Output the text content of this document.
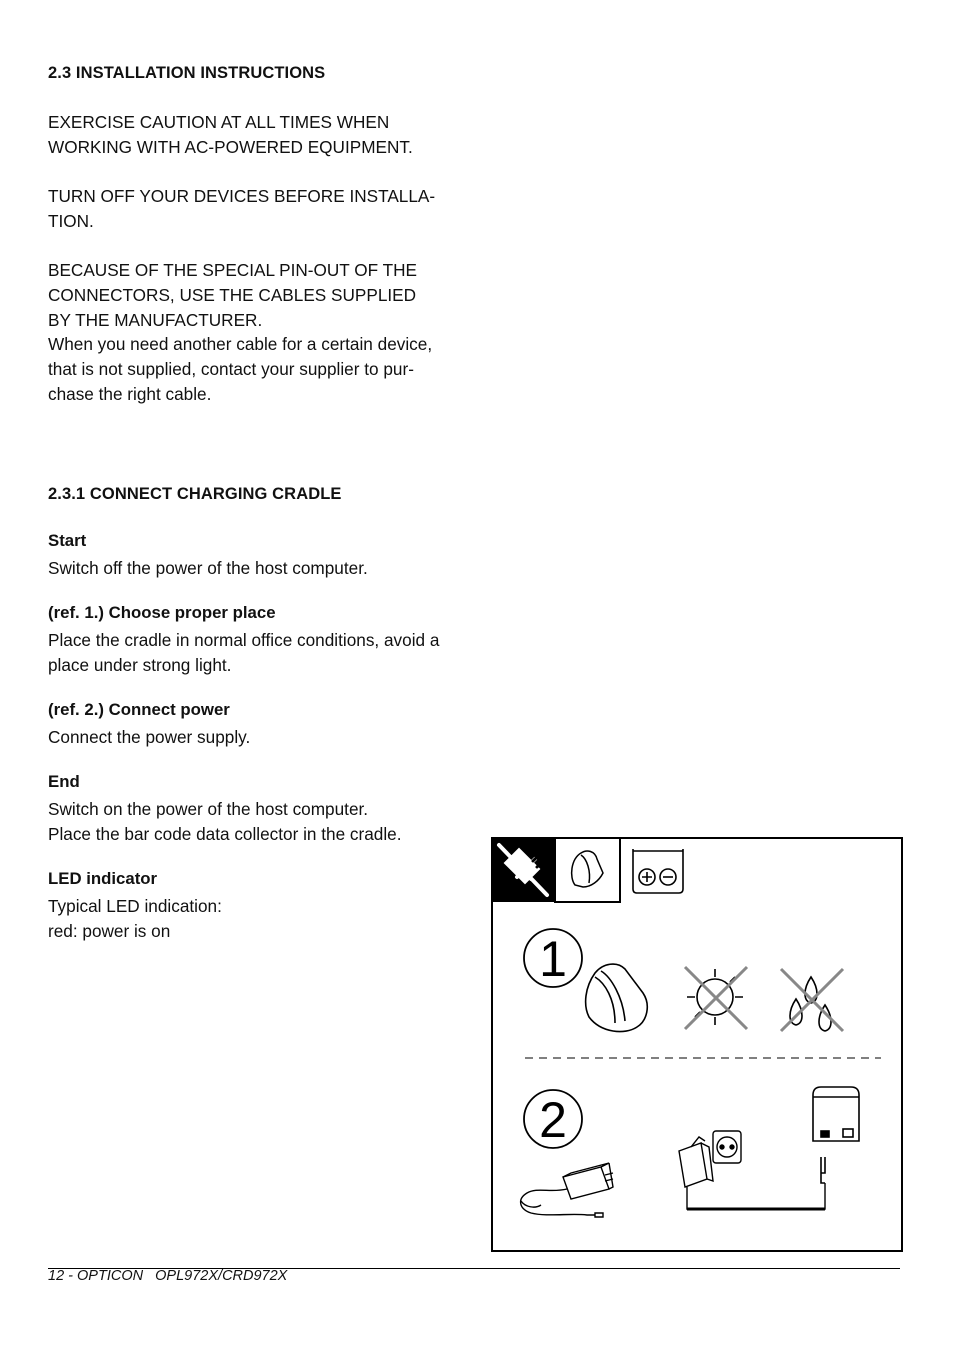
2.3 INSTALLATION INSTRUCTIONS
EXERCISE CAUTION AT ALL TIMES WHEN
WORKING WITH AC-POWERED EQUIPMENT.
TURN OFF YOUR DEVICES BEFORE INSTALLA-
TION.
BECAUSE OF THE SPECIAL PIN-OUT OF THE
CONNECTORS, USE THE CABLES SUPPLIED
BY THE MANUFACTURER.
When you need another cable for a certain device,
that is not supplied, contact your supplier to pur-
chase the right cable.
2.3.1 CONNECT CHARGING CRADLE
Start
Switch off the power of the host computer.
(ref. 1.) Choose proper place
Place the cradle in normal office conditions, avoid a
place under strong light.
(ref. 2.) Connect power
Connect the power supply.
End
Switch on the power of the host computer.
Place the bar code data collector in the cradle.
LED indicator
Typical LED indication:
red: power is on
1
2
12 - OPTICON   OPL972X/CRD972X
